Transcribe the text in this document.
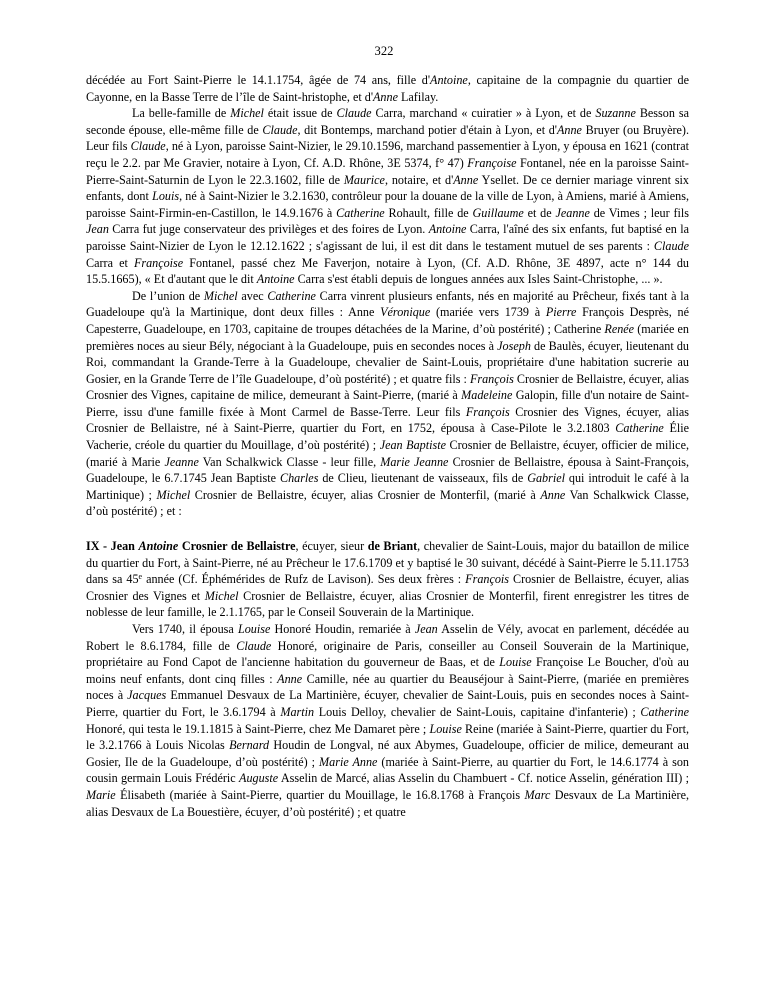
322

décédée au Fort Saint-Pierre le 14.1.1754, âgée de 74 ans, fille d'Antoine, capitaine de la compagnie du quartier de Cayonne, en la Basse Terre de l’île de Saint-hristophe, et d'Anne Lafilay.

La belle-famille de Michel était issue de Claude Carra, marchand « cuiratier » à Lyon, et de Suzanne Besson sa seconde épouse, elle-même fille de Claude, dit Bontemps, marchand potier d'étain à Lyon, et d'Anne Bruyer (ou Bruyère). Leur fils Claude, né à Lyon, paroisse Saint-Nizier, le 29.10.1596, marchand passementier à Lyon, y épousa en 1621 (contrat reçu le 2.2. par Me Gravier, notaire à Lyon, Cf. A.D. Rhône, 3E 5374, f° 47) Françoise Fontanel, née en la paroisse Saint-Pierre-Saint-Saturnin de Lyon le 22.3.1602, fille de Maurice, notaire, et d'Anne Ysellet. De ce dernier mariage vinrent six enfants, dont Louis, né à Saint-Nizier le 3.2.1630, contrôleur pour la douane de la ville de Lyon, à Amiens, marié à Amiens, paroisse Saint-Firmin-en-Castillon, le 14.9.1676 à Catherine Rohault, fille de Guillaume et de Jeanne de Vimes ; leur fils Jean Carra fut juge conservateur des privilèges et des foires de Lyon. Antoine Carra, l'aîné des six enfants, fut baptisé en la paroisse Saint-Nizier de Lyon le 12.12.1622 ; s'agissant de lui, il est dit dans le testament mutuel de ses parents : Claude Carra et Françoise Fontanel, passé chez Me Faverjon, notaire à Lyon, (Cf. A.D. Rhône, 3E 4897, acte n° 144 du 15.5.1665), « Et d'autant que le dit Antoine Carra s'est établi depuis de longues années aux Isles Saint-Christophe, ... ».

De l’union de Michel avec Catherine Carra vinrent plusieurs enfants, nés en majorité au Prêcheur, fixés tant à la Guadeloupe qu'à la Martinique, dont deux filles : Anne Véronique (mariée vers 1739 à Pierre François Desprès, né Capesterre, Guadeloupe, en 1703, capitaine de troupes détachées de la Marine, d’où postérité) ; Catherine Renée (mariée en premières noces au sieur Bély, négociant à la Guadeloupe, puis en secondes noces à Joseph de Baulès, écuyer, lieutenant du Roi, commandant la Grande-Terre à la Guadeloupe, chevalier de Saint-Louis, propriétaire d'une habitation sucrerie au Gosier, en la Grande Terre de l’île Guadeloupe, d’où postérité) ; et quatre fils : François Crosnier de Bellaistre, écuyer, alias Crosnier des Vignes, capitaine de milice, demeurant à Saint-Pierre, (marié à Madeleine Galopin, fille d'un notaire de Saint-Pierre, issu d'une famille fixée à Mont Carmel de Basse-Terre. Leur fils François Crosnier des Vignes, écuyer, alias Crosnier de Bellaistre, né à Saint-Pierre, quartier du Fort, en 1752, épousa à Case-Pilote le 3.2.1803 Catherine Élie Vacherie, créole du quartier du Mouillage, d’où postérité) ; Jean Baptiste Crosnier de Bellaistre, écuyer, officier de milice, (marié à Marie Jeanne Van Schalkwick Classe - leur fille, Marie Jeanne Crosnier de Bellaistre, épousa à Saint-François, Guadeloupe, le 6.7.1745 Jean Baptiste Charles de Clieu, lieutenant de vaisseaux, fils de Gabriel qui introduit le café à la Martinique) ; Michel Crosnier de Bellaistre, écuyer, alias Crosnier de Monterfil, (marié à Anne Van Schalkwick Classe, d’où postérité) ; et :

IX - Jean Antoine Crosnier de Bellaistre, écuyer, sieur de Briant, chevalier de Saint-Louis, major du bataillon de milice du quartier du Fort, à Saint-Pierre, né au Prêcheur le 17.6.1709 et y baptisé le 30 suivant, décédé à Saint-Pierre le 5.11.1753 dans sa 45e année (Cf. Éphémérides de Rufz de Lavison). Ses deux frères : François Crosnier de Bellaistre, écuyer, alias Crosnier des Vignes et Michel Crosnier de Bellaistre, écuyer, alias Crosnier de Monterfil, firent enregistrer les titres de noblesse de leur famille, le 2.1.1765, par le Conseil Souverain de la Martinique.

Vers 1740, il épousa Louise Honoré Houdin, remariée à Jean Asselin de Vély, avocat en parlement, décédée au Robert le 8.6.1784, fille de Claude Honoré, originaire de Paris, conseiller au Conseil Souverain de la Martinique, propriétaire au Fond Capot de l'ancienne habitation du gouverneur de Baas, et de Louise Françoise Le Boucher, d'où au moins neuf enfants, dont cinq filles : Anne Camille, née au quartier du Beauséjour à Saint-Pierre, (mariée en premières noces à Jacques Emmanuel Desvaux de La Martinière, écuyer, chevalier de Saint-Louis, puis en secondes noces à Saint-Pierre, quartier du Fort, le 3.6.1794 à Martin Louis Delloy, chevalier de Saint-Louis, capitaine d'infanterie) ; Catherine Honoré, qui testa le 19.1.1815 à Saint-Pierre, chez Me Damaret père ; Louise Reine (mariée à Saint-Pierre, quartier du Fort, le 3.2.1766 à Louis Nicolas Bernard Houdin de Longval, né aux Abymes, Guadeloupe, officier de milice, demeurant au Gosier, Ile de la Guadeloupe, d’où postérité) ; Marie Anne (mariée à Saint-Pierre, au quartier du Fort, le 14.6.1774 à son cousin germain Louis Frédéric Auguste Asselin de Marcé, alias Asselin du Chambuert - Cf. notice Asselin, génération III) ; Marie Élisabeth (mariée à Saint-Pierre, quartier du Mouillage, le 16.8.1768 à François Marc Desvaux de La Martinière, alias Desvaux de La Bouestière, écuyer, d’où postérité) ; et quatre
